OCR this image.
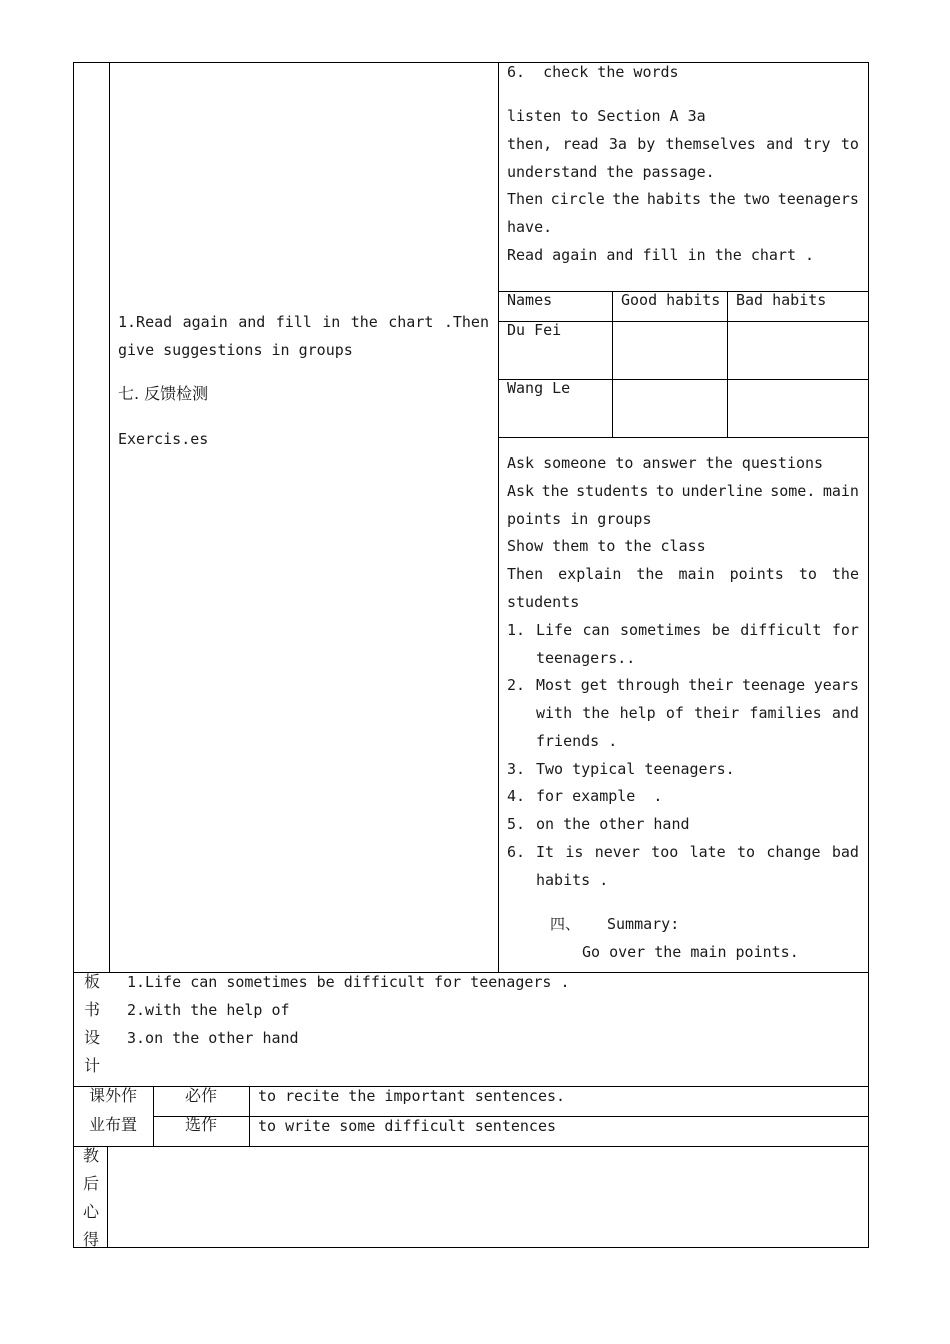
1.Read again and fill in the chart .Then
give suggestions in groups
七. 反馈检测
Exercis.es
6.  check the words
listen to Section A 3a
then, read 3a by themselves and try to
understand the passage.
Then circle the habits the two teenagers
have.
Read again and fill in the chart .
Names	Good habits Bad habits
Du Fei
Wang Le
Ask someone to answer the questions
Ask the students to underline some. main
points in groups
Show them to the class
Then explain the main points to the
students
1. Life can sometimes be difficult for
teenagers..
2. Most get through their teenage years
with the help of their families and
friends .
3. Two typical teenagers.
4. for example  .
5. on the other hand
6. It is never too late to change bad
habits .
四、 Summary:
Go over the main points.
板
书
设
计
1.Life can sometimes be difficult for teenagers .
2.with the help of
3.on the other hand
课外作
业布置
必作
选作
to recite the important sentences.
to write some difficult sentences
教
后
心
得
